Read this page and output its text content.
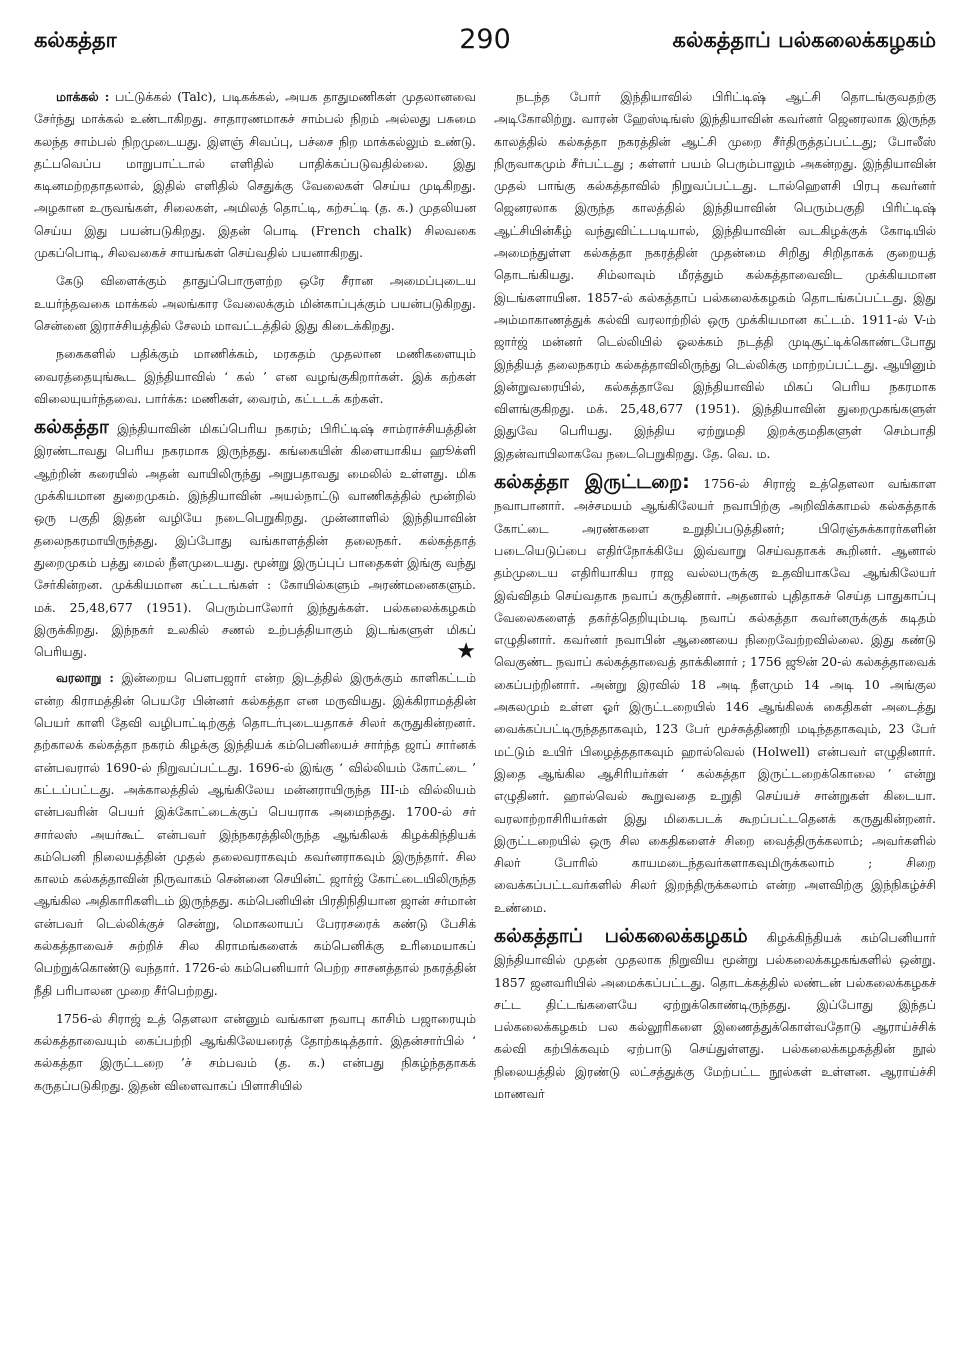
கல்கத்தா	290	கல்கத்தாப் பல்கலைக்கழகம்

மாக்கல் : பட்டுக்கல் (Talc), படிகக்கல், அயக தாதுமணிகள் முதலானவை சேர்ந்து மாக்கல் உண்டாகிறது. சாதாரணமாகச் சாம்பல் நிறம் அல்லது பசுமை கலந்த சாம்பல் நிறமுடையது. இளஞ் சிவப்பு, பச்சை நிற மாக்கல்லும் உண்டு. தட்பவெப்ப மாறுபாட்டால் எளிதில் பாதிக்கப்படுவதில்லை. இது கடினமற்றதாதலால், இதில் எளிதில் செதுக்கு வேலைகள் செய்ய முடிகிறது. அழகான உருவங்கள், சிலைகள், அமிலத் தொட்டி, கற்சட்டி (த. க.) முதலியன செய்ய இது பயன்படுகிறது. இதன் பொடி (French chalk) சிலவகை முகப்பொடி, சிலவகைச் சாயங்கள் செய்வதில் பயனாகிறது.

கேடு விளைக்கும் தாதுப்பொருளற்ற ஒரே சீரான அமைப்புடைய உயர்ந்தவகை மாக்கல் அலங்கார வேலைக்கும் மின்காப்புக்கும் பயன்படுகிறது. சென்னை இராச்சியத்தில் சேலம் மாவட்டத்தில் இது கிடைக்கிறது.

நகைகளில் பதிக்கும் மாணிக்கம், மரகதம் முதலான மணிகளையும் வைரத்தையுங்கூட இந்தியாவில் ‘ கல் ’ என வழங்குகிறார்கள். இக் கற்கள் விலையுயர்ந்தவை. பார்க்க: மணிகள், வைரம், கட்டடக் கற்கள்.

கல்கத்தா இந்தியாவின் மிகப்பெரிய நகரம்; பிரிட்டிஷ் சாம்ராச்சியத்தின் இரண்டாவது பெரிய நகரமாக இருந்தது. கங்கையின் கிளையாகிய ஹூக்ளி ஆற்றின் கரையில் அதன் வாயிலிருந்து அறுபதாவது மைலில் உள்ளது. மிக முக்கியமான துறைமுகம். இந்தியாவின் அயல்நாட்டு வாணிகத்தில் மூன்றில் ஒரு பகுதி இதன் வழியே நடைபெறுகிறது. முன்னாளில் இந்தியாவின் தலைநகரமாயிருந்தது. இப்போது வங்காளத்தின் தலைநகர். கல்கத்தாத் துறைமுகம் பத்து மைல் நீளமுடையது. மூன்று இருப்புப் பாதைகள் இங்கு வந்து சேர்கின்றன. முக்கியமான கட்டடங்கள் : கோயில்களும் அரண்மனைகளும். மக். 25,48,677 (1951). பெரும்பாலோர் இந்துக்கள். பல்கலைக்கழகம் இருக்கிறது. இந்நகர் உலகில் சணல் உற்பத்தியாகும் இடங்களுள் மிகப் பெரியது.	★

வரலாறு : இன்றைய பௌபஜார் என்ற இடத்தில் இருக்கும் காளிகட்டம் என்ற கிராமத்தின் பெயரே பின்னர் கல்கத்தா என மருவியது. இக்கிராமத்தின் பெயர் காளி தேவி வழிபாட்டிற்குத் தொடர்புடையதாகச் சிலர் கருதுகின்றனர். தற்காலக் கல்கத்தா நகரம் கிழக்கு இந்தியக் கம்பெனியைச் சார்ந்த ஜாப் சார்னக் என்பவரால் 1690-ல் நிறுவப்பட்டது. 1696-ல் இங்கு ‘ வில்லியம் கோட்டை ’ கட்டப்பட்டது. அக்காலத்தில் ஆங்கிலேய மன்னராயிருந்த III-ம் வில்லியம் என்பவரின் பெயர் இக்கோட்டைக்குப் பெயராக அமைந்தது. 1700-ல் சர் சார்லஸ் அயர்கூட் என்பவர் இந்நகரத்திலிருந்த ஆங்கிலக் கிழக்கிந்தியக் கம்பெனி நிலையத்தின் முதல் தலைவராகவும் கவர்னராகவும் இருந்தார். சில காலம் கல்கத்தாவின் நிருவாகம் சென்னை செயின்ட் ஜார்ஜ் கோட்டையிலிருந்த ஆங்கில அதிகாரிகளிடம் இருந்தது. கம்பெனியின் பிரதிநிதியான ஜான் சர்மான் என்பவர் டெல்லிக்குச் சென்று, மொகலாயப் பேரரசரைக் கண்டு பேசிக் கல்கத்தாவைச் சுற்றிச் சில கிராமங்களைக் கம்பெனிக்கு உரிமையாகப் பெற்றுக்கொண்டு வந்தார். 1726-ல் கம்பெனியார் பெற்ற சாசனத்தால் நகரத்தின் நீதி பரிபாலன முறை சீர்பெற்றது.

1756-ல் சிராஜ் உத் தௌலா என்னும் வங்காள நவாபு காசிம் பஜாரையும் கல்கத்தாவையும் கைப்பற்றி ஆங்கிலேயரைத் தோற்கடித்தார். இதன்சார்பில் ‘ கல்கத்தா இருட்டறை ’ச் சம்பவம் (த. க.) என்பது நிகழ்ந்ததாகக் கருதப்படுகிறது. இதன் விளைவாகப் பிளாசியில்

நடந்த போர் இந்தியாவில் பிரிட்டிஷ் ஆட்சி தொடங்குவதற்கு அடிகோலிற்று. வாரன் ஹேஸ்டிங்ஸ் இந்தியாவின் கவர்னர் ஜெனரலாக இருந்த காலத்தில் கல்கத்தா நகரத்தின் ஆட்சி முறை சீர்திருத்தப்பட்டது; போலீஸ் நிருவாகமும் சீர்பட்டது ; கள்ளர் பயம் பெரும்பாலும் அகன்றது. இந்தியாவின் முதல் பாங்கு கல்கத்தாவில் நிறுவப்பட்டது. டால்ஹௌசி பிரபு கவர்னர் ஜெனரலாக இருந்த காலத்தில் இந்தியாவின் பெரும்பகுதி பிரிட்டிஷ் ஆட்சியின்கீழ் வந்துவிட்டபடியால், இந்தியாவின் வடகிழக்குக் கோடியில் அமைந்துள்ள கல்கத்தா நகரத்தின் முதன்மை சிறிது சிறிதாகக் குறையத் தொடங்கியது. சிம்லாவும் மீரத்தும் கல்கத்தாவைவிட முக்கியமான இடங்களாயின. 1857-ல் கல்கத்தாப் பல்கலைக்கழகம் தொடங்கப்பட்டது. இது அம்மாகாணத்துக் கல்வி வரலாற்றில் ஒரு முக்கியமான கட்டம். 1911-ல் V-ம் ஜார்ஜ் மன்னர் டெல்லியில் ஓலக்கம் நடத்தி முடிசூட்டிக்கொண்டபோது இந்தியத் தலைநகரம் கல்கத்தாவிலிருந்து டெல்லிக்கு மாற்றப்பட்டது. ஆயினும் இன்றுவரையில், கல்கத்தாவே இந்தியாவில் மிகப் பெரிய நகரமாக விளங்குகிறது. மக். 25,48,677 (1951). இந்தியாவின் துறைமுகங்களுள் இதுவே பெரியது. இந்திய ஏற்றுமதி இறக்குமதிகளுள் செம்பாதி இதன்வாயிலாகவே நடைபெறுகிறது. தே. வெ. ம.

கல்கத்தா இருட்டறை: 1756-ல் சிராஜ் உத்தௌலா வங்காள நவாபானார். அச்சமயம் ஆங்கிலேயர் நவாபிற்கு அறிவிக்காமல் கல்கத்தாக் கோட்டை அரண்களை உறுதிப்படுத்தினர்; பிரெஞ்சுக்காரர்களின் படையெடுப்பை எதிர்நோக்கியே இவ்வாறு செய்வதாகக் கூறினர். ஆனால் தம்முடைய எதிரியாகிய ராஜ வல்லபருக்கு உதவியாகவே ஆங்கிலேயர் இவ்விதம் செய்வதாக நவாப் கருதினார். அதனால் புதிதாகச் செய்த பாதுகாப்பு வேலைகளைத் தகர்த்தெறியும்படி நவாப் கல்கத்தா கவர்னருக்குக் கடிதம் எழுதினார். கவர்னர் நவாபின் ஆணையை நிறைவேற்றவில்லை. இது கண்டு வெகுண்ட நவாப் கல்கத்தாவைத் தாக்கினார் ; 1756 ஜூன் 20-ல் கல்கத்தாவைக் கைப்பற்றினார். அன்று இரவில் 18 அடி நீளமும் 14 அடி 10 அங்குல அகலமும் உள்ள ஓர் இருட்டறையில் 146 ஆங்கிலக் கைதிகள் அடைத்து வைக்கப்பட்டிருந்ததாகவும், 123 பேர் மூச்சுத்திணறி மடிந்ததாகவும், 23 பேர் மட்டும் உயிர் பிழைத்ததாகவும் ஹால்வெல் (Holwell) என்பவர் எழுதினார். இதை ஆங்கில ஆசிரியர்கள் ‘ கல்கத்தா இருட்டறைக்கொலை ’ என்று எழுதினர். ஹால்வெல் கூறுவதை உறுதி செய்யச் சான்றுகள் கிடையா. வரலாற்றாசிரியர்கள் இது மிகைபடக் கூறப்பட்டதெனக் கருதுகின்றனர். இருட்டறையில் ஒரு சில கைதிகளைச் சிறை வைத்திருக்கலாம்; அவர்களில் சிலர் போரில் காயமடைந்தவர்களாகவுமிருக்கலாம் ; சிறை வைக்கப்பட்டவர்களில் சிலர் இறந்திருக்கலாம் என்ற அளவிற்கு இந்நிகழ்ச்சி உண்மை.

கல்கத்தாப் பல்கலைக்கழகம் கிழக்கிந்தியக் கம்பெனியார் இந்தியாவில் முதன் முதலாக நிறுவிய மூன்று பல்கலைக்கழகங்களில் ஒன்று. 1857 ஜனவரியில் அமைக்கப்பட்டது. தொடக்கத்தில் லண்டன் பல்கலைக்கழகச் சட்ட திட்டங்களையே ஏற்றுக்கொண்டிருந்தது. இப்போது இந்தப் பல்கலைக்கழகம் பல கல்லூரிகளை இணைத்துக்கொள்வதோடு ஆராய்ச்சிக் கல்வி கற்பிக்கவும் ஏற்பாடு செய்துள்ளது. பல்கலைக்கழகத்தின் நூல் நிலையத்தில் இரண்டு லட்சத்துக்கு மேற்பட்ட நூல்கள் உள்ளன. ஆராய்ச்சி மாணவர்
